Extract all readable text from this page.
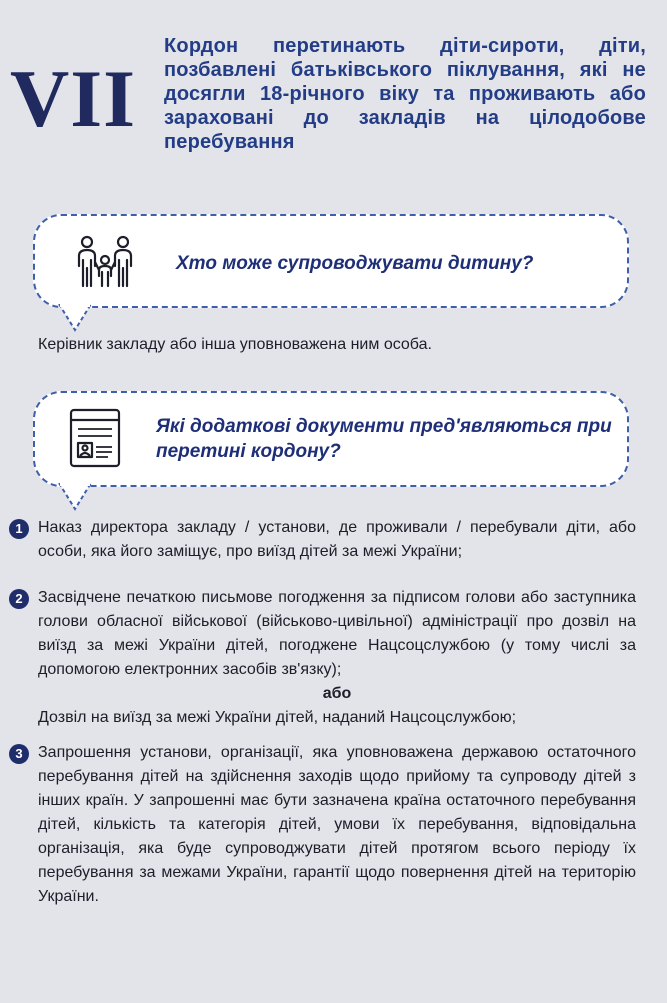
VII
Кордон перетинають діти-сироти, діти, позбавлені батьківського піклування, які не досягли 18-річного віку та проживають або зараховані до закладів на цілодобове перебування
Хто може супроводжувати дитину?
Керівник закладу або інша уповноважена ним особа.
Які додаткові документи пред'являються при перетині кордону?
1 Наказ директора закладу / установи, де проживали / перебували діти, або особи, яка його заміщує, про виїзд дітей за межі України;
2 Засвідчене печаткою письмове погодження за підписом голови або заступника голови обласної військової (військово-цивільної) адміністрації про дозвіл на виїзд за межі України дітей, погоджене Нацсоцслужбою (у тому числі за допомогою електронних засобів зв'язку);
або
Дозвіл на виїзд за межі України дітей, наданий Нацсоцслужбою;
3 Запрошення установи, організації, яка уповноважена державою остаточного перебування дітей на здійснення заходів щодо прийому та супроводу дітей з інших країн. У запрошенні має бути зазначена країна остаточного перебування дітей, кількість та категорія дітей, умови їх перебування, відповідальна організація, яка буде супроводжувати дітей протягом всього періоду їх перебування за межами України, гарантії щодо повернення дітей на територію України.
